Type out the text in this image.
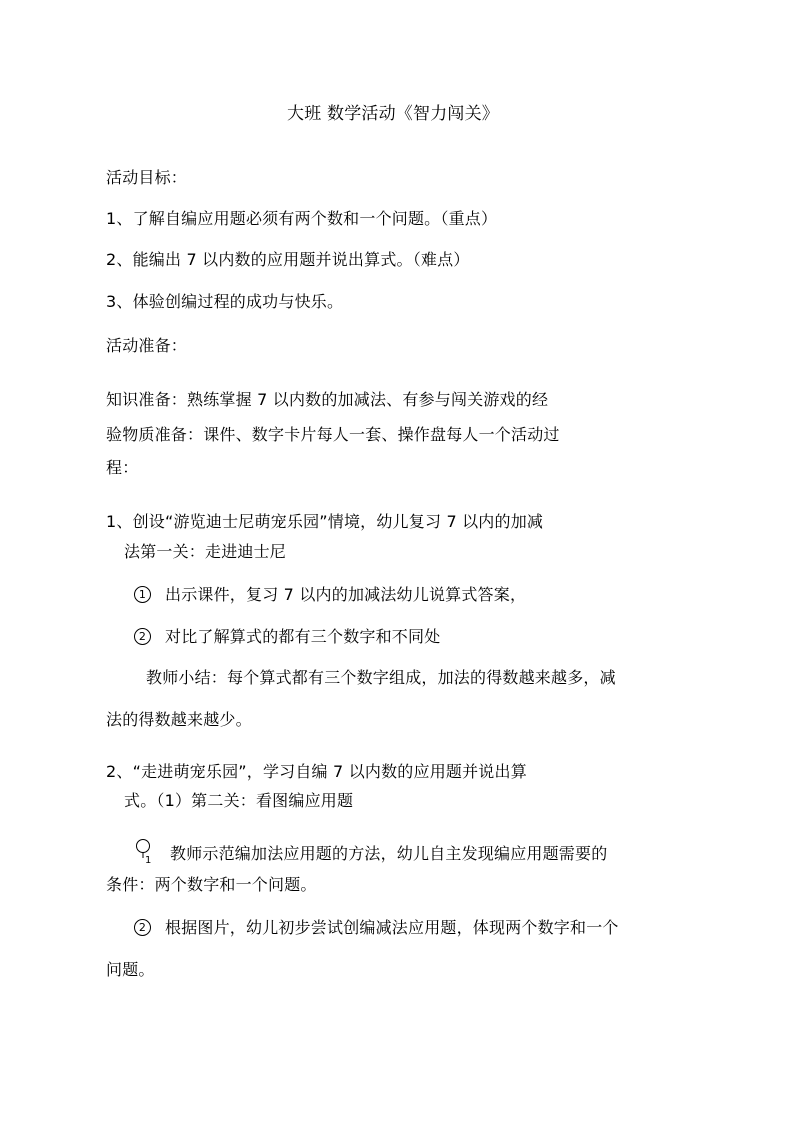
大班 数学活动《智力闯关》
活动目标：
1、了解自编应用题必须有两个数和一个问题。（重点）
2、能编出 7 以内数的应用题并说出算式。（难点）
3、体验创编过程的成功与快乐。
活动准备：
知识准备：熟练掌握 7 以内数的加减法、有参与闯关游戏的经
验物质准备：课件、数字卡片每人一套、操作盘每人一个活动过
程：
1、创设“游览迪士尼萌宠乐园”情境，幼儿复习 7 以内的加减
法第一关：走进迪士尼
1 出示课件，复习 7 以内的加减法幼儿说算式答案，
2 对比了解算式的都有三个数字和不同处
教师小结：每个算式都有三个数字组成，加法的得数越来越多，减
法的得数越来越少。
2、“走进萌宠乐园”，学习自编 7 以内数的应用题并说出算
式。（1）第二关：看图编应用题
1 教师示范编加法应用题的方法，幼儿自主发现编应用题需要的
条件：两个数字和一个问题。
2 根据图片，幼儿初步尝试创编减法应用题，体现两个数字和一个
问题。
